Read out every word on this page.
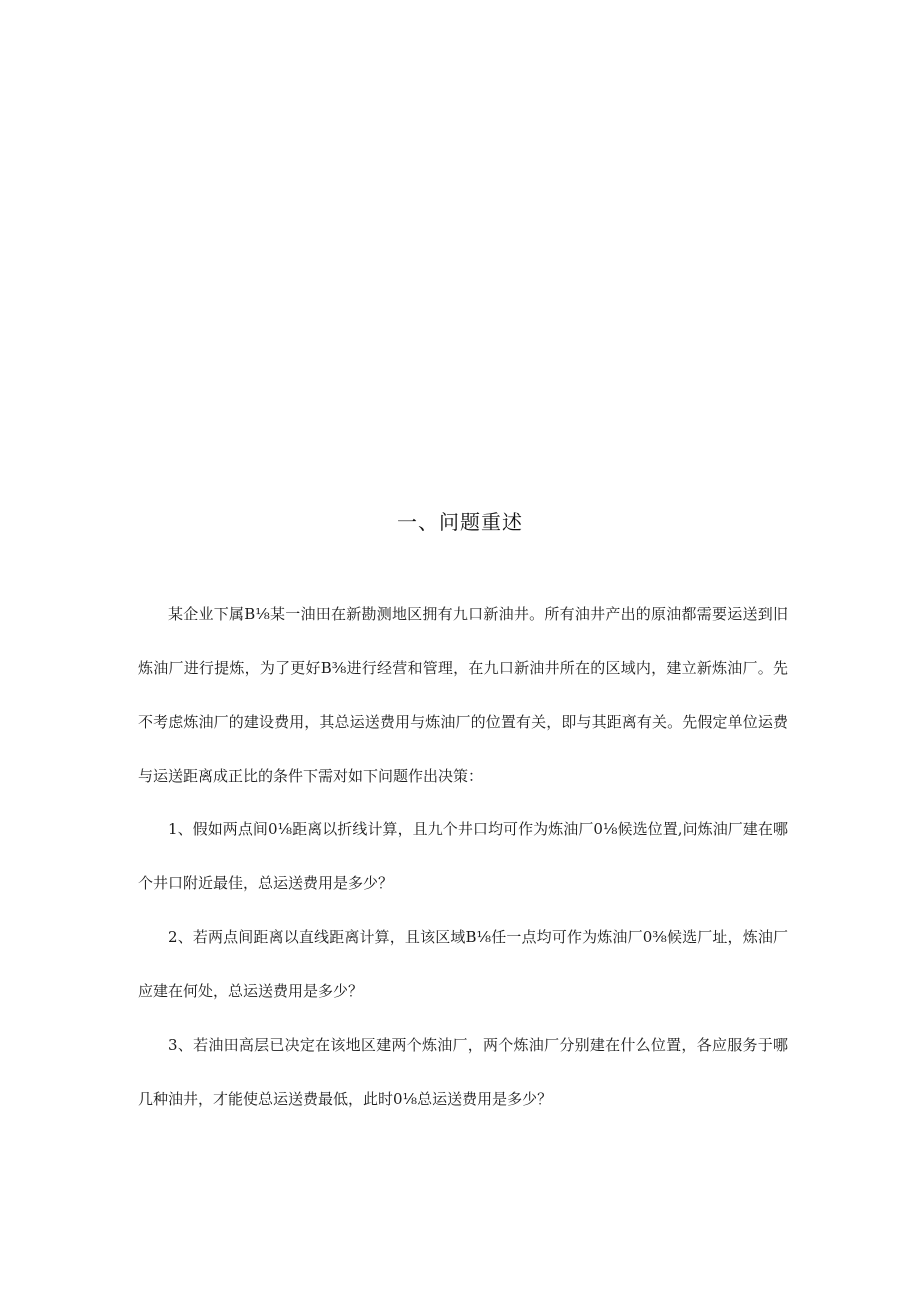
一、问题重述

某企业下属B⅛某一油田在新勘测地区拥有九口新油井。所有油井产出的原油都需要运送到旧炼油厂进行提炼，为了更好B⅜进行经营和管理，在九口新油井所在的区域内，建立新炼油厂。先不考虑炼油厂的建设费用，其总运送费用与炼油厂的位置有关，即与其距离有关。先假定单位运费与运送距离成正比的条件下需对如下问题作出决策：

1、假如两点间0⅛距离以折线计算，且九个井口均可作为炼油厂0⅛候选位置,问炼油厂建在哪个井口附近最佳，总运送费用是多少？

2、若两点间距离以直线距离计算，且该区域B⅛任一点均可作为炼油厂0⅜候选厂址，炼油厂应建在何处，总运送费用是多少？

3、若油田高层已决定在该地区建两个炼油厂，两个炼油厂分别建在什么位置，各应服务于哪几种油井，才能使总运送费最低，此时0⅛总运送费用是多少？
